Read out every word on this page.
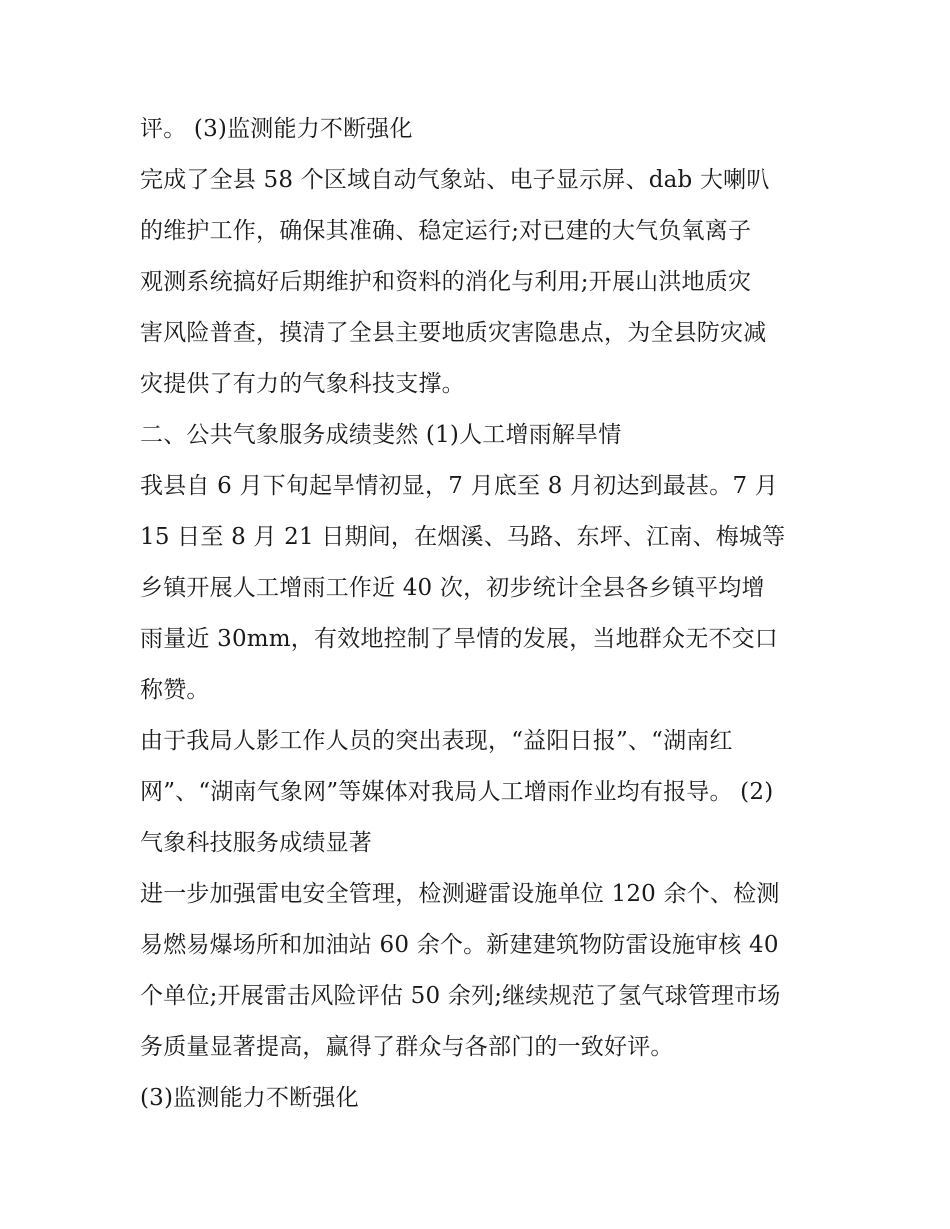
评。 (3)监测能力不断强化
完成了全县 58 个区域自动气象站、电子显示屏、dab 大喇叭
的维护工作，确保其准确、稳定运行;对已建的大气负氧离子
观测系统搞好后期维护和资料的消化与利用;开展山洪地质灾
害风险普查，摸清了全县主要地质灾害隐患点，为全县防灾减
灾提供了有力的气象科技支撑。
二、公共气象服务成绩斐然 (1)人工增雨解旱情
我县自 6 月下旬起旱情初显，7 月底至 8 月初达到最甚。7 月
15 日至 8 月 21 日期间，在烟溪、马路、东坪、江南、梅城等
乡镇开展人工增雨工作近 40 次，初步统计全县各乡镇平均增
雨量近 30mm，有效地控制了旱情的发展，当地群众无不交口
称赞。
由于我局人影工作人员的突出表现，“益阳日报”、“湖南红
网”、“湖南气象网”等媒体对我局人工增雨作业均有报导。 (2)
气象科技服务成绩显著
进一步加强雷电安全管理，检测避雷设施单位 120 余个、检测
易燃易爆场所和加油站 60 余个。新建建筑物防雷设施审核 40
个单位;开展雷击风险评估 50 余列;继续规范了氢气球管理市场
务质量显著提高，赢得了群众与各部门的一致好评。
(3)监测能力不断强化
